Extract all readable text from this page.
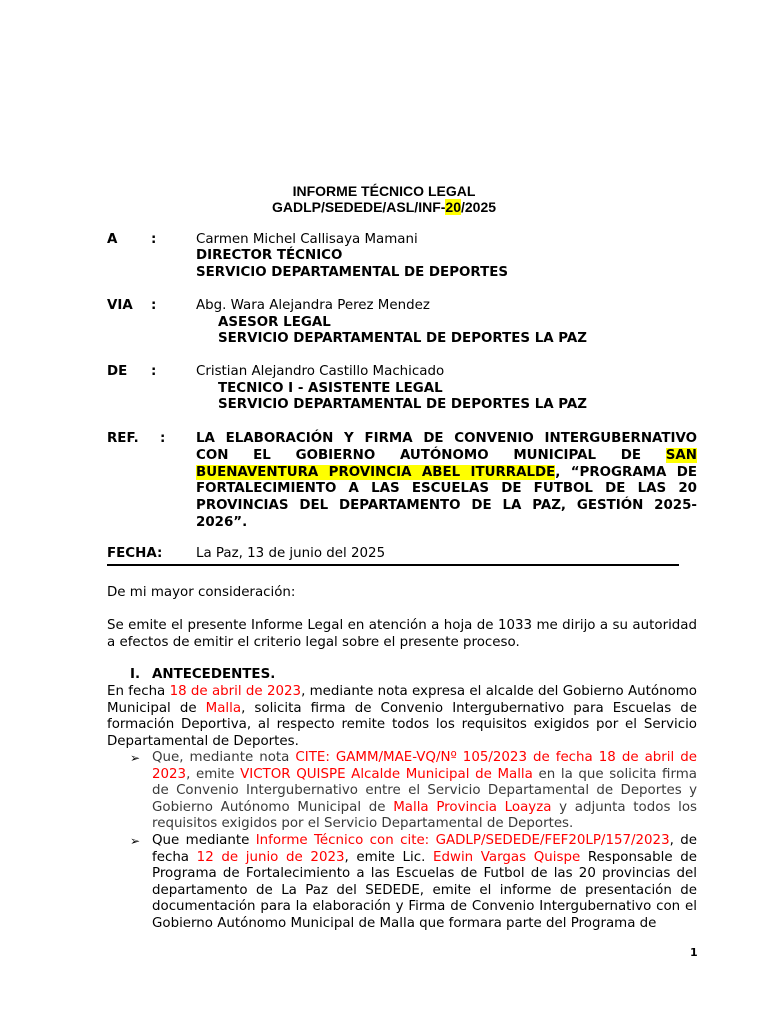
INFORME TÉCNICO LEGAL
GADLP/SEDEDE/ASL/INF-20/2025
A	:	Carmen Michel Callisaya Mamani
DIRECTOR TÉCNICO
SERVICIO DEPARTAMENTAL DE DEPORTES
VIA :	Abg. Wara Alejandra Perez Mendez
ASESOR LEGAL
SERVICIO DEPARTAMENTAL DE DEPORTES LA PAZ
DE :	Cristian Alejandro Castillo Machicado
TECNICO I - ASISTENTE LEGAL
SERVICIO DEPARTAMENTAL DE DEPORTES LA PAZ
REF. : LA ELABORACIÓN Y FIRMA DE CONVENIO INTERGUBERNATIVO CON EL GOBIERNO AUTÓNOMO MUNICIPAL DE SAN BUENAVENTURA PROVINCIA ABEL ITURRALDE, “PROGRAMA DE FORTALECIMIENTO A LAS ESCUELAS DE FUTBOL DE LAS 20 PROVINCIAS DEL DEPARTAMENTO DE LA PAZ, GESTIÓN 2025-2026”.
FECHA:	La Paz, 13 de junio del 2025
De mi mayor consideración:
Se emite el presente Informe Legal en atención a hoja de 1033 me dirijo a su autoridad a efectos de emitir el criterio legal sobre el presente proceso.
I. ANTECEDENTES.
En fecha 18 de abril de 2023, mediante nota expresa el alcalde del Gobierno Autónomo Municipal de Malla, solicita firma de Convenio Intergubernativo para Escuelas de formación Deportiva, al respecto remite todos los requisitos exigidos por el Servicio Departamental de Deportes.
➢ Que, mediante nota CITE: GAMM/MAE-VQ/Nº 105/2023 de fecha 18 de abril de 2023, emite VICTOR QUISPE Alcalde Municipal de Malla en la que solicita firma de Convenio Intergubernativo entre el Servicio Departamental de Deportes y Gobierno Autónomo Municipal de Malla Provincia Loayza y adjunta todos los requisitos exigidos por el Servicio Departamental de Deportes.
➢ Que mediante Informe Técnico con cite: GADLP/SEDEDE/FEF20LP/157/2023, de fecha 12 de junio de 2023, emite Lic. Edwin Vargas Quispe Responsable de Programa de Fortalecimiento a las Escuelas de Futbol de las 20 provincias del departamento de La Paz del SEDEDE, emite el informe de presentación de documentación para la elaboración y Firma de Convenio Intergubernativo con el Gobierno Autónomo Municipal de Malla que formara parte del Programa de
1
